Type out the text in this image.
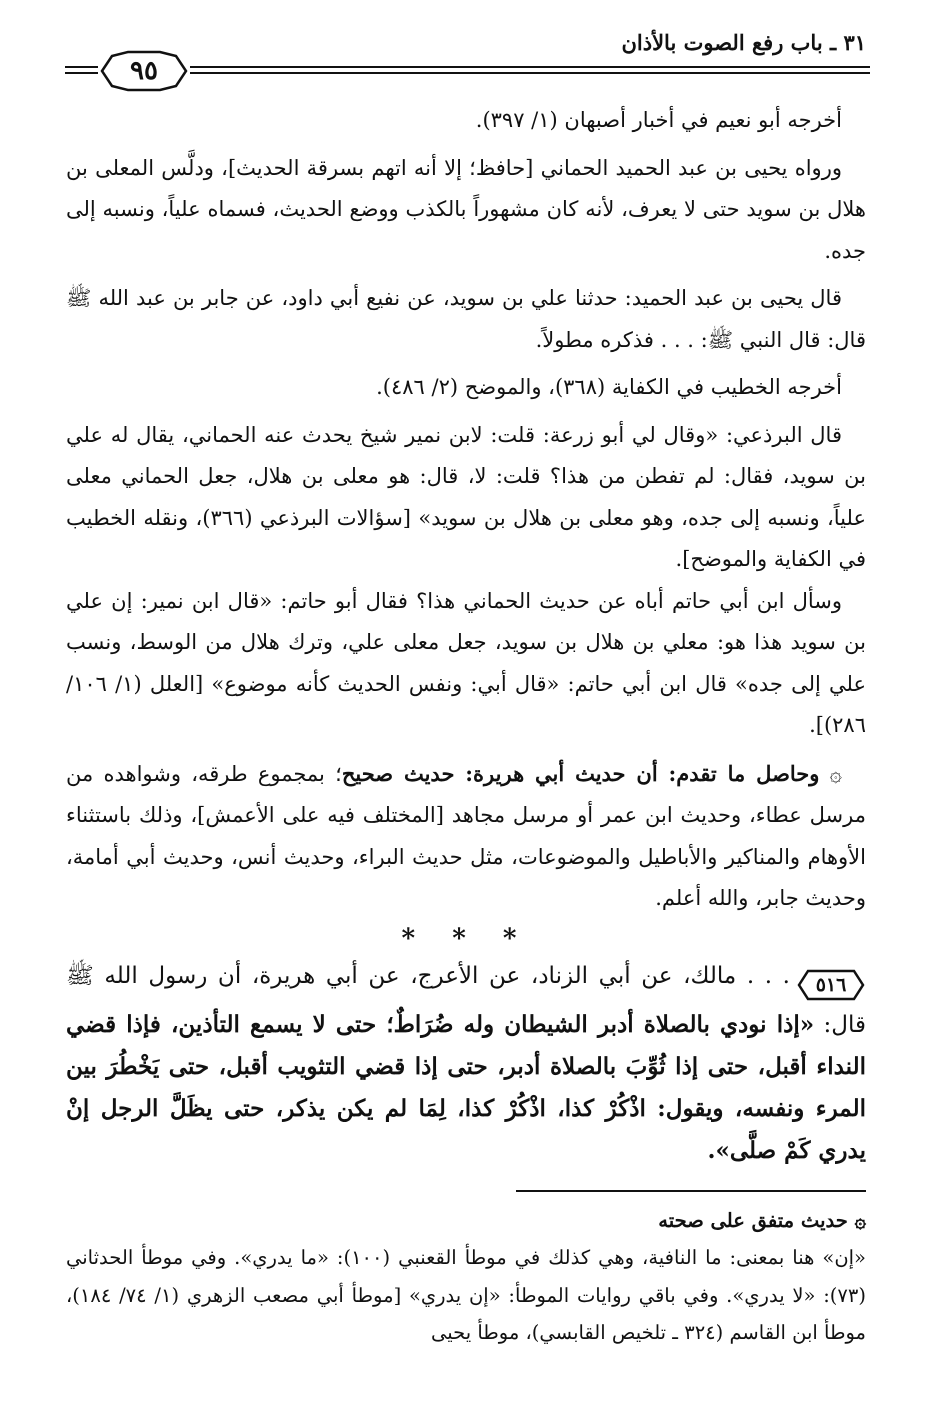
٣١ ـ باب رفع الصوت بالأذان
٩٥

أخرجه أبو نعيم في أخبار أصبهان (١/ ٣٩٧).

ورواه يحيى بن عبد الحميد الحماني [حافظ؛ إلا أنه اتهم بسرقة الحديث]، ودلَّس المعلى بن هلال بن سويد حتى لا يعرف، لأنه كان مشهوراً بالكذب ووضع الحديث، فسماه علياً، ونسبه إلى جده.

قال يحيى بن عبد الحميد: حدثنا علي بن سويد، عن نفيع أبي داود، عن جابر بن عبد الله ﷺ قال: قال النبي ﷺ: . . . فذكره مطولاً.

أخرجه الخطيب في الكفاية (٣٦٨)، والموضح (٢/ ٤٨٦).

قال البرذعي: «وقال لي أبو زرعة: قلت: لابن نمير شيخ يحدث عنه الحماني، يقال له علي بن سويد، فقال: لم تفطن من هذا؟ قلت: لا، قال: هو معلى بن هلال، جعل الحماني معلى علياً، ونسبه إلى جده، وهو معلى بن هلال بن سويد» [سؤالات البرذعي (٣٦٦)، ونقله الخطيب في الكفاية والموضح].

وسأل ابن أبي حاتم أباه عن حديث الحماني هذا؟ فقال أبو حاتم: «قال ابن نمير: إن علي بن سويد هذا هو: معلي بن هلال بن سويد، جعل معلى علي، وترك هلال من الوسط، ونسب علي إلى جده» قال ابن أبي حاتم: «قال أبي: ونفس الحديث كأنه موضوع» [العلل (١/ ١٠٦/ ٢٨٦)].

۞ وحاصل ما تقدم: أن حديث أبي هريرة: حديث صحيح؛ بمجموع طرقه، وشواهده من مرسل عطاء، وحديث ابن عمر أو مرسل مجاهد [المختلف فيه على الأعمش]، وذلك باستثناء الأوهام والمناكير والأباطيل والموضوعات، مثل حديث البراء، وحديث أنس، وحديث أبي أمامة، وحديث جابر، والله أعلم.

* * *

٥١٦
. . . مالك، عن أبي الزناد، عن الأعرج، عن أبي هريرة، أن رسول الله ﷺ قال: «إذا نودي بالصلاة أدبر الشيطان وله ضُرَاطٌ؛ حتى لا يسمع التأذين، فإذا قضي النداء أقبل، حتى إذا ثُوِّبَ بالصلاة أدبر، حتى إذا قضي التثويب أقبل، حتى يَخْطُرَ بين المرء ونفسه، ويقول: اذْكُرْ كذا، اذْكُرْ كذا، لِمَا لم يكن يذكر، حتى يظَلَّ الرجل إنْ يدري كَمْ صلَّى».

۞ حديث متفق على صحته

«إن» هنا بمعنى: ما النافية، وهي كذلك في موطأ القعنبي (١٠٠): «ما يدري». وفي موطأ الحدثاني (٧٣): «لا يدري». وفي باقي روايات الموطأ: «إن يدري» [موطأ أبي مصعب الزهري (١/ ٧٤/ ١٨٤)، موطأ ابن القاسم (٣٢٤ ـ تلخيص القابسي)، موطأ يحيى
